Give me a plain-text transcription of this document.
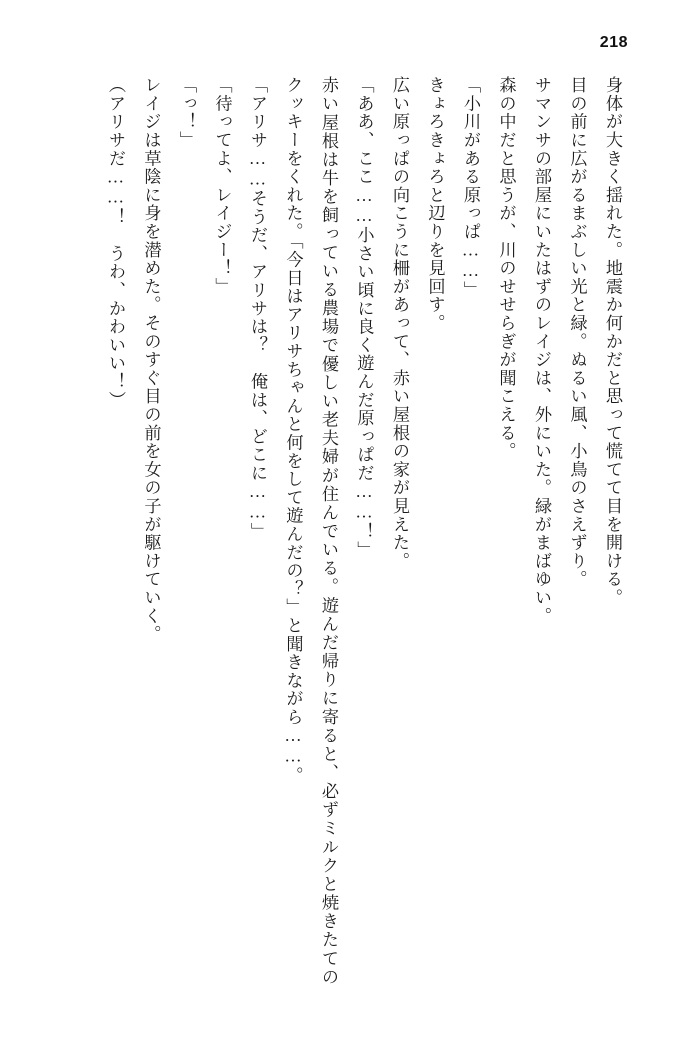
218

身体が大きく揺れた。地震か何かだと思って慌てて目を開ける。

目の前に広がるまぶしい光と緑。ぬるい風、小鳥のさえずり。

サマンサの部屋にいたはずのレイジは、外にいた。緑がまばゆい。

森の中だと思うが、川のせせらぎが聞こえる。

「小川がある原っぱ……」

きょろきょろと辺りを見回す。

広い原っぱの向こうに柵があって、赤い屋根の家が見えた。

「ああ、ここ……小さい頃に良く遊んだ原っぱだ……！」

赤い屋根は牛を飼っている農場で優しい老夫婦が住んでいる。遊んだ帰りに寄ると、必ずミルクと焼きたてのクッキーをくれた。「今日はアリサちゃんと何をして遊んだの？」と聞きながら……。

「アリサ……そうだ、アリサは？　俺は、どこに……」

「待ってよ、レイジー！」

「っ！」

レイジは草陰に身を潜めた。そのすぐ目の前を女の子が駆けていく。

（アリサだ……！　うわ、かわいい！）
